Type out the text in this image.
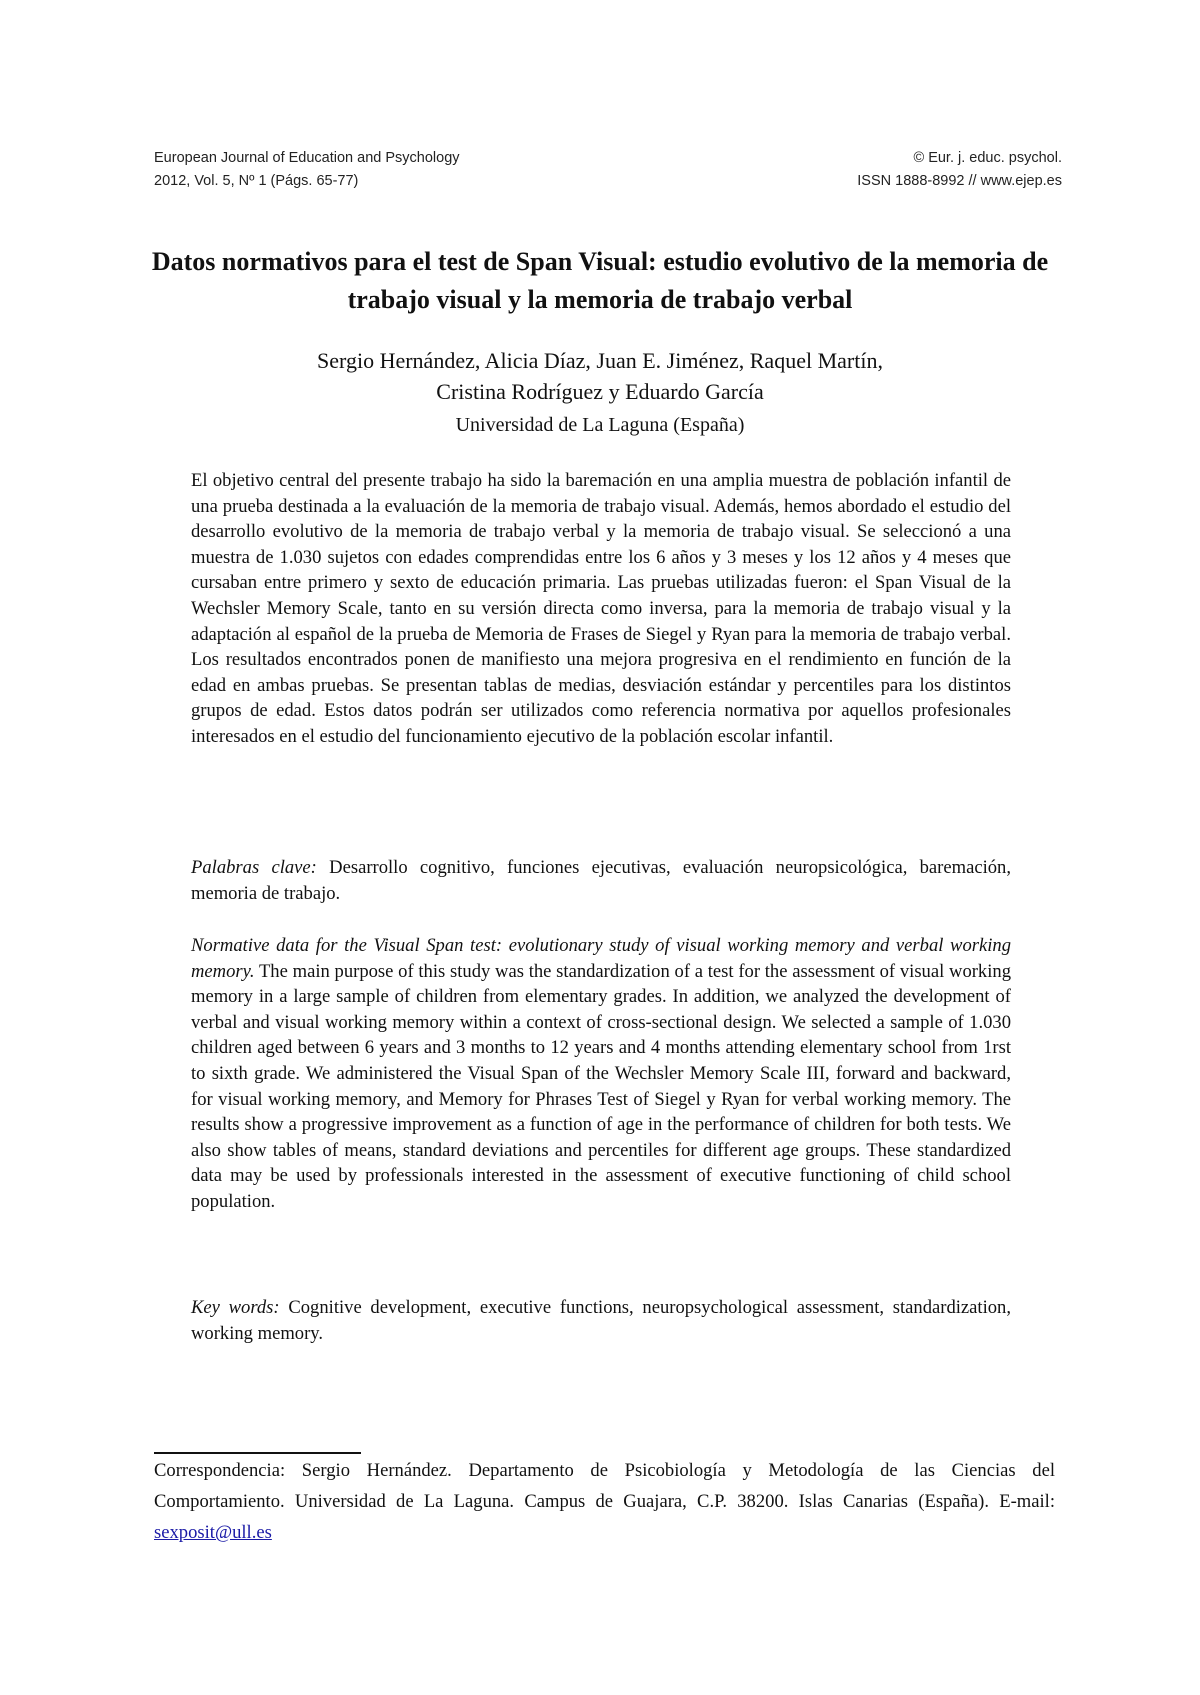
European Journal of Education and Psychology	© Eur. j. educ. psychol.
2012, Vol. 5, Nº 1 (Págs. 65-77)	ISSN 1888-8992 // www.ejep.es
Datos normativos para el test de Span Visual: estudio evolutivo de la memoria de trabajo visual y la memoria de trabajo verbal
Sergio Hernández, Alicia Díaz, Juan E. Jiménez, Raquel Martín,
Cristina Rodríguez y Eduardo García
Universidad de La Laguna (España)

El objetivo central del presente trabajo ha sido la baremación en una amplia muestra de población infantil de una prueba destinada a la evaluación de la memoria de trabajo visual. Además, hemos abordado el estudio del desarrollo evolutivo de la memoria de trabajo verbal y la memoria de trabajo visual. Se seleccionó a una muestra de 1.030 sujetos con edades comprendidas entre los 6 años y 3 meses y los 12 años y 4 meses que cursaban entre primero y sexto de educación primaria. Las pruebas utilizadas fueron: el Span Visual de la Wechsler Memory Scale, tanto en su versión directa como inversa, para la memoria de trabajo visual y la adaptación al español de la prueba de Memoria de Frases de Siegel y Ryan para la memoria de trabajo verbal. Los resultados encontrados ponen de manifiesto una mejora progresiva en el rendimiento en función de la edad en ambas pruebas. Se presentan tablas de medias, desviación estándar y percentiles para los distintos grupos de edad. Estos datos podrán ser utilizados como referencia normativa por aquellos profesionales interesados en el estudio del funcionamiento ejecutivo de la población escolar infantil.

Palabras clave: Desarrollo cognitivo, funciones ejecutivas, evaluación neuropsicológica, baremación, memoria de trabajo.

Normative data for the Visual Span test: evolutionary study of visual working memory and verbal working memory. The main purpose of this study was the standardization of a test for the assessment of visual working memory in a large sample of children from elementary grades. In addition, we analyzed the development of verbal and visual working memory within a context of cross-sectional design. We selected a sample of 1.030 children aged between 6 years and 3 months to 12 years and 4 months attending elementary school from 1rst to sixth grade. We administered the Visual Span of the Wechsler Memory Scale III, forward and backward, for visual working memory, and Memory for Phrases Test of Siegel y Ryan for verbal working memory. The results show a progressive improvement as a function of age in the performance of children for both tests. We also show tables of means, standard deviations and percentiles for different age groups. These standardized data may be used by professionals interested in the assessment of executive functioning of child school population.

Key words: Cognitive development, executive functions, neuropsychological assessment, standardization, working memory.

Correspondencia: Sergio Hernández. Departamento de Psicobiología y Metodología de las Ciencias del Comportamiento. Universidad de La Laguna. Campus de Guajara, C.P. 38200. Islas Canarias (España). E-mail: sexposit@ull.es
